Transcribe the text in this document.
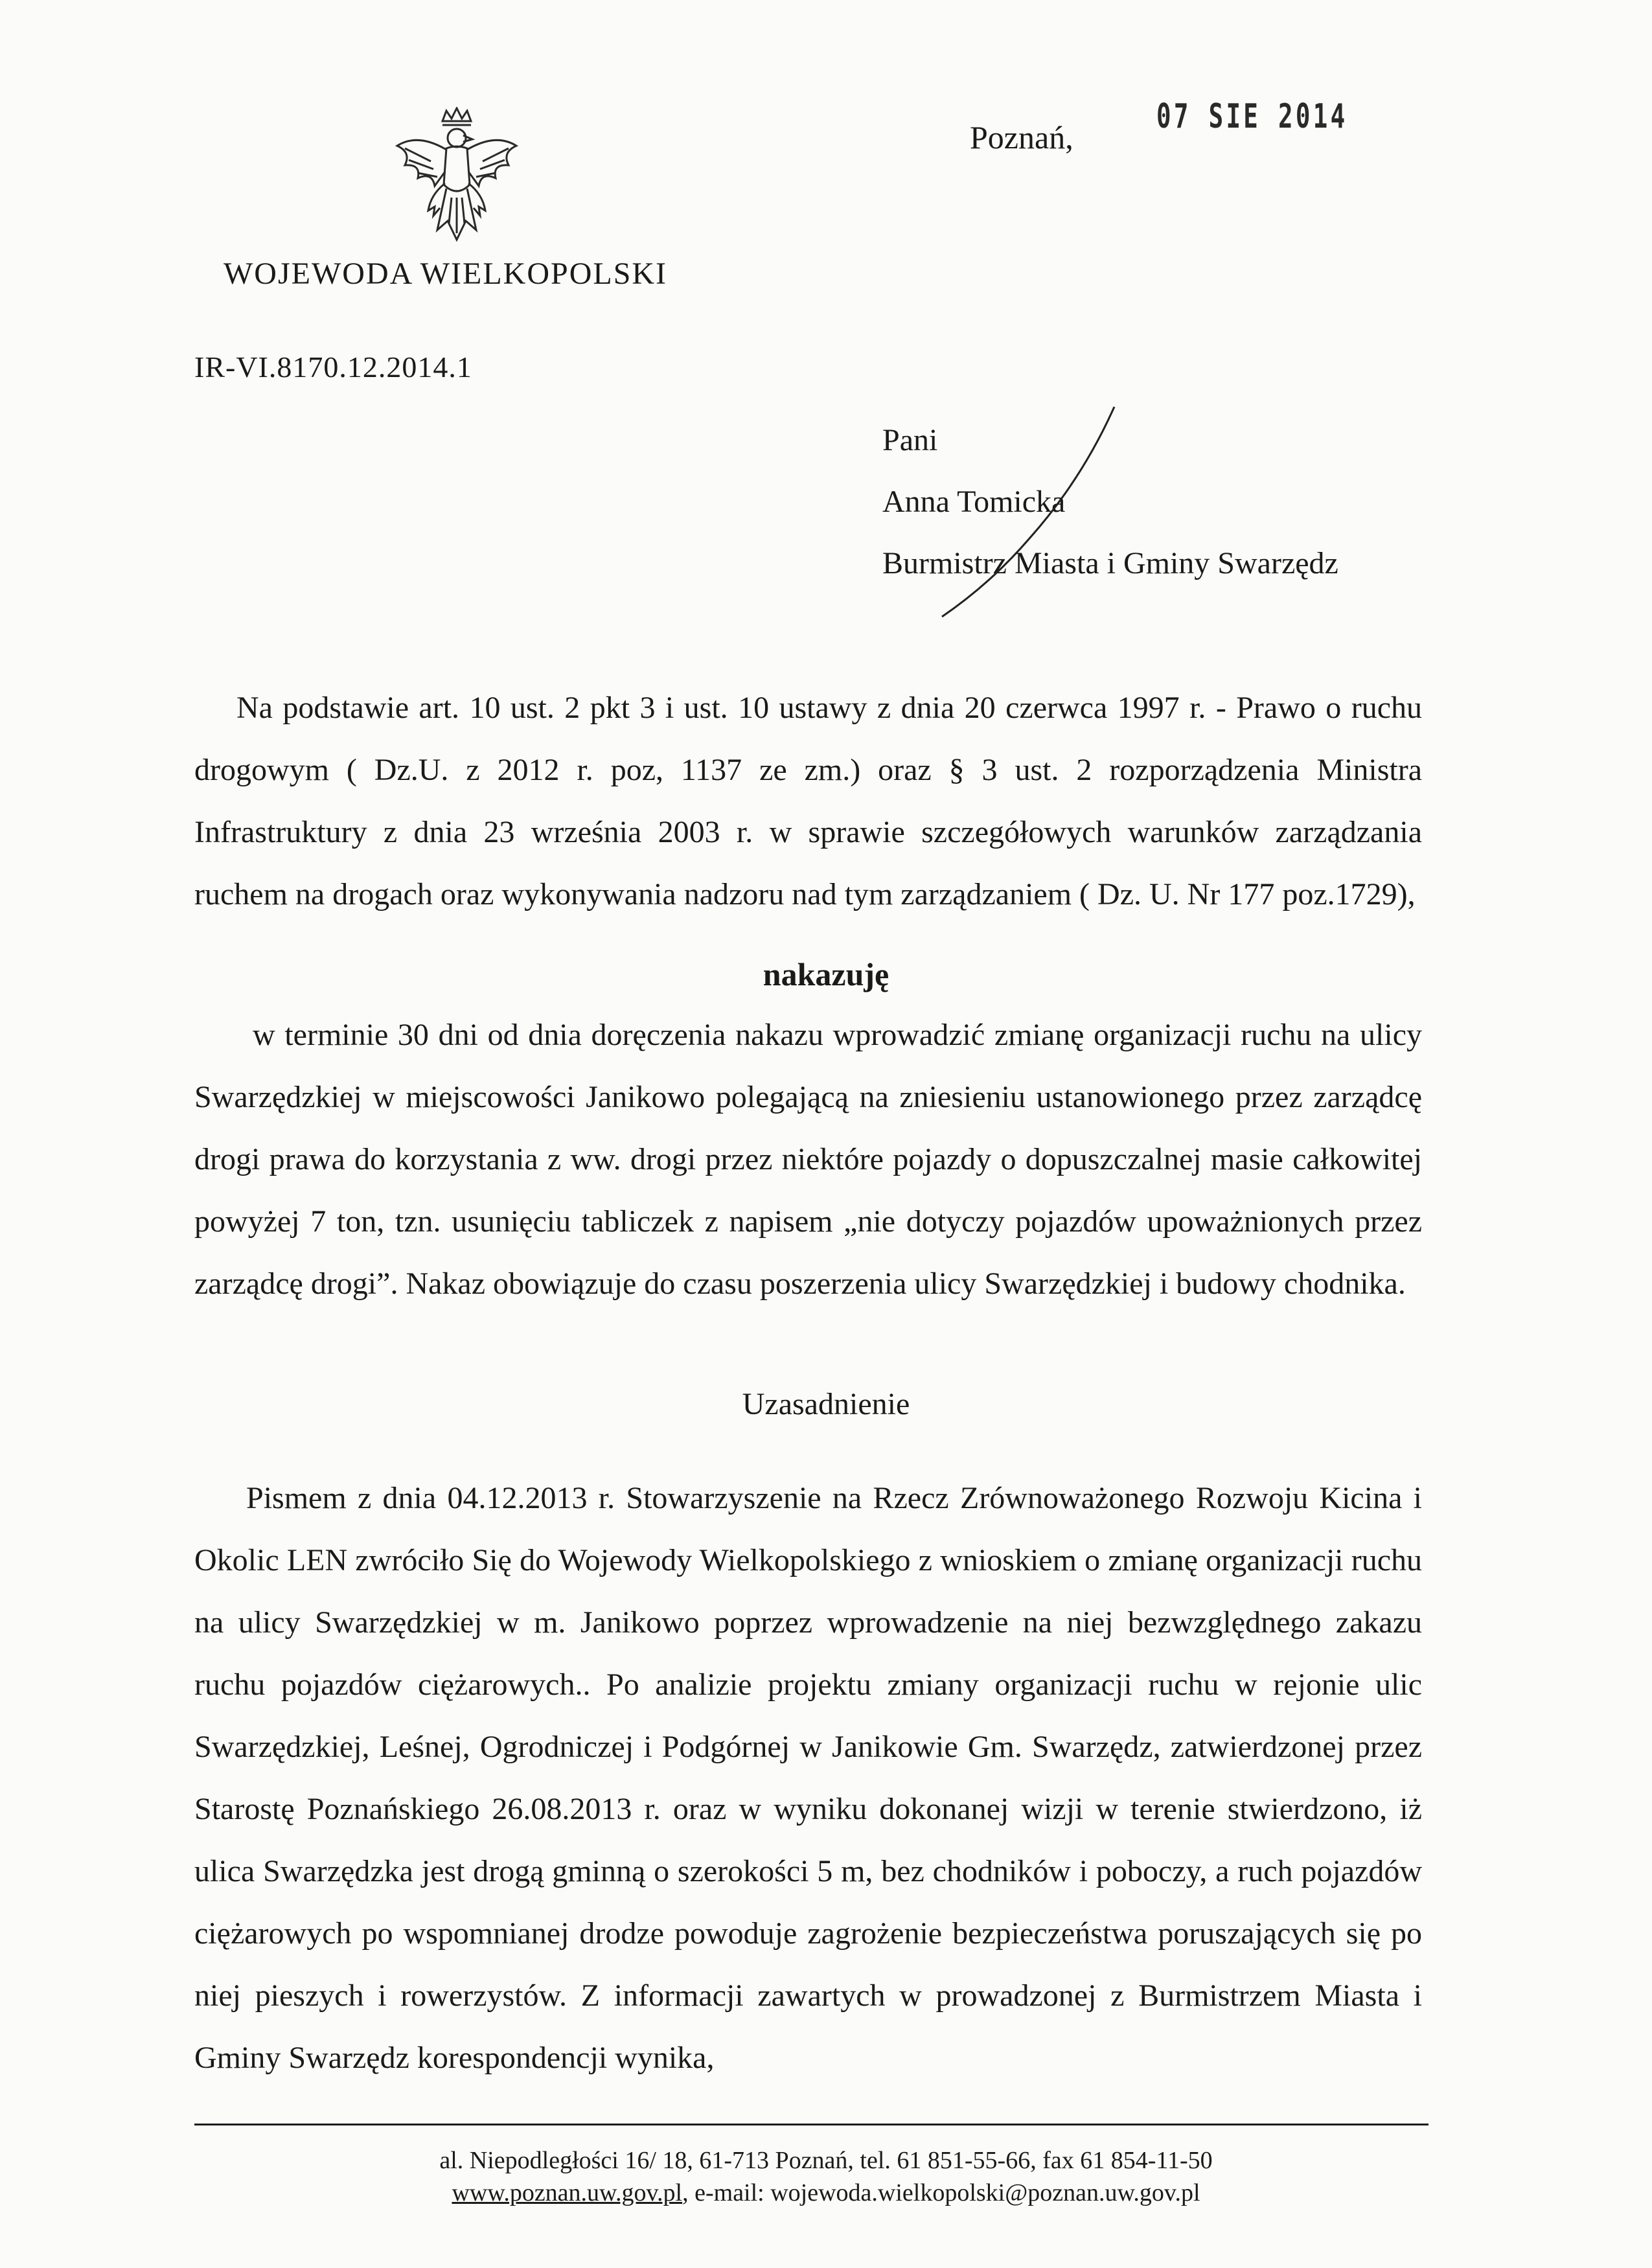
WOJEWODA WIELKOPOLSKI
Poznań,
07 SIE 2014
IR-VI.8170.12.2014.1
Pani
Anna Tomicka
Burmistrz Miasta i Gminy Swarzędz
Na podstawie art. 10 ust. 2 pkt 3 i ust. 10 ustawy z dnia 20 czerwca 1997 r. - Prawo o ruchu drogowym ( Dz.U. z 2012 r. poz, 1137 ze zm.) oraz § 3 ust. 2 rozporządzenia Ministra Infrastruktury z dnia 23 września 2003 r. w sprawie szczegółowych warunków zarządzania ruchem na drogach oraz wykonywania nadzoru nad tym zarządzaniem ( Dz. U. Nr 177 poz.1729),
nakazuję
w terminie 30 dni od dnia doręczenia nakazu wprowadzić zmianę organizacji ruchu na ulicy Swarzędzkiej w miejscowości Janikowo polegającą na zniesieniu ustanowionego przez zarządcę drogi prawa do korzystania z ww. drogi przez niektóre pojazdy o dopuszczalnej masie całkowitej powyżej 7 ton, tzn. usunięciu tabliczek z napisem „nie dotyczy pojazdów upoważnionych przez zarządcę drogi”. Nakaz obowiązuje do czasu poszerzenia ulicy Swarzędzkiej i budowy chodnika.
Uzasadnienie
Pismem z dnia 04.12.2013 r. Stowarzyszenie na Rzecz Zrównoważonego Rozwoju Kicina i Okolic LEN zwróciło Się do Wojewody Wielkopolskiego z wnioskiem o zmianę organizacji ruchu na ulicy Swarzędzkiej w m. Janikowo poprzez wprowadzenie na niej bezwzględnego zakazu ruchu pojazdów ciężarowych.. Po analizie projektu zmiany organizacji ruchu w rejonie ulic Swarzędzkiej, Leśnej, Ogrodniczej i Podgórnej w Janikowie Gm. Swarzędz, zatwierdzonej przez Starostę Poznańskiego 26.08.2013 r. oraz w wyniku dokonanej wizji w terenie stwierdzono, iż ulica Swarzędzka jest drogą gminną o szerokości 5 m, bez chodników i poboczy, a ruch pojazdów ciężarowych po wspomnianej drodze powoduje zagrożenie bezpieczeństwa poruszających się po niej pieszych i rowerzystów. Z informacji zawartych w prowadzonej z Burmistrzem Miasta i Gminy Swarzędz korespondencji wynika,
al. Niepodległości 16/ 18, 61-713 Poznań, tel. 61 851-55-66, fax 61 854-11-50
www.poznan.uw.gov.pl, e-mail: wojewoda.wielkopolski@poznan.uw.gov.pl
